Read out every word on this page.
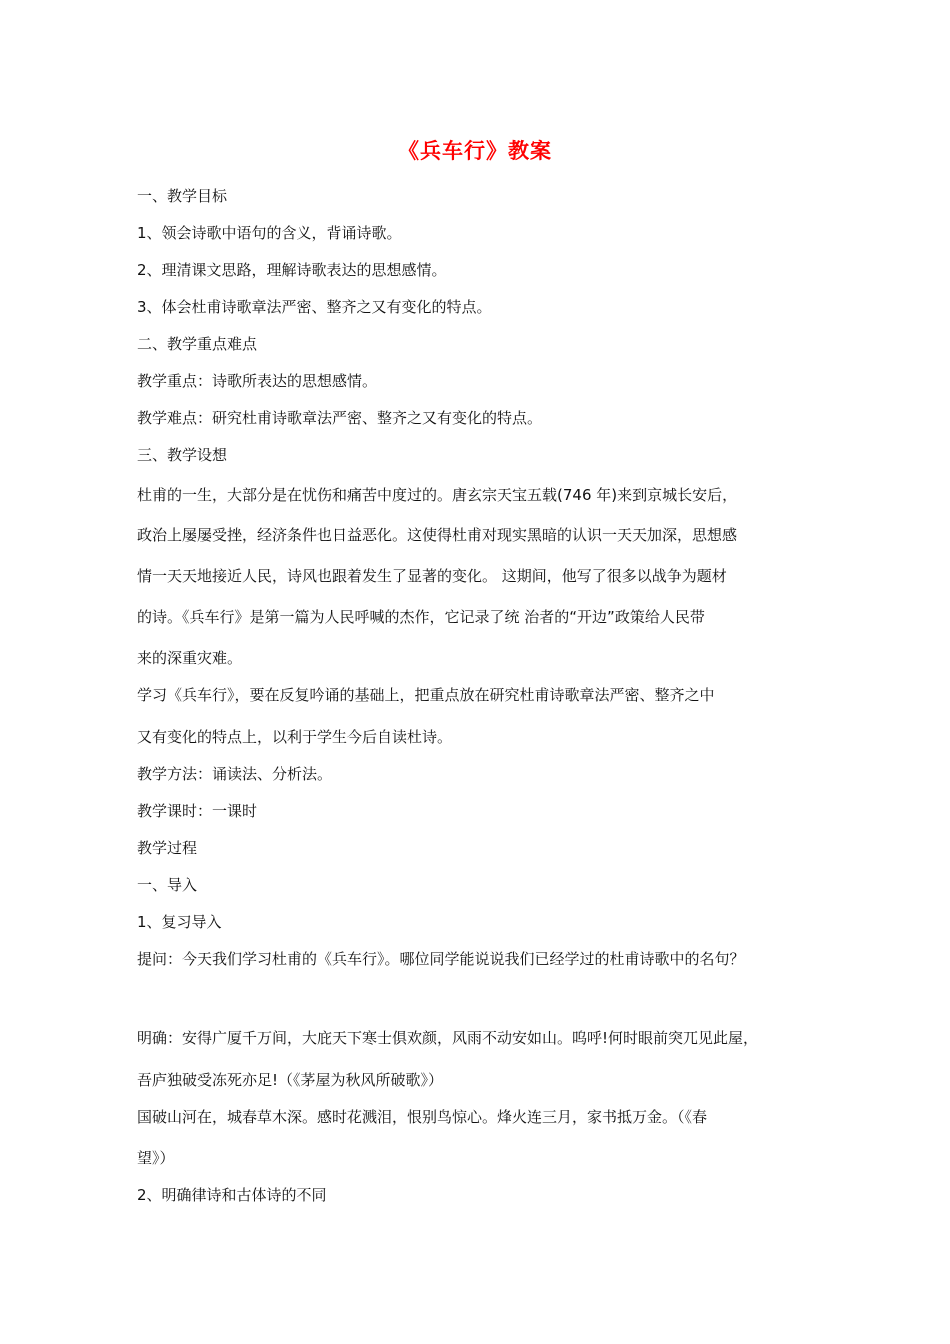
《兵车行》教案
一、教学目标
1、领会诗歌中语句的含义，背诵诗歌。
2、理清课文思路，理解诗歌表达的思想感情。
3、体会杜甫诗歌章法严密、整齐之又有变化的特点。
二、教学重点难点
教学重点：诗歌所表达的思想感情。
教学难点：研究杜甫诗歌章法严密、整齐之又有变化的特点。
三、教学设想
杜甫的一生，大部分是在忧伤和痛苦中度过的。唐玄宗天宝五载(746 年)来到京城长安后，
政治上屡屡受挫，经济条件也日益恶化。这使得杜甫对现实黑暗的认识一天天加深，思想感
情一天天地接近人民，诗风也跟着发生了显著的变化。 这期间，他写了很多以战争为题材
的诗。《兵车行》是第一篇为人民呼喊的杰作，它记录了统 治者的“开边”政策给人民带
来的深重灾难。
学习《兵车行》，要在反复吟诵的基础上，把重点放在研究杜甫诗歌章法严密、整齐之中
又有变化的特点上，以利于学生今后自读杜诗。
教学方法：诵读法、分析法。
教学课时：一课时
教学过程
一、导入
1、复习导入
提问：今天我们学习杜甫的《兵车行》。哪位同学能说说我们已经学过的杜甫诗歌中的名句？
明确：安得广厦千万间，大庇天下寒士俱欢颜，风雨不动安如山。呜呼!何时眼前突兀见此屋，
吾庐独破受冻死亦足!（《茅屋为秋风所破歌》）
国破山河在，城春草木深。感时花溅泪，恨别鸟惊心。烽火连三月，家书抵万金。（《春
望》）
2、明确律诗和古体诗的不同
